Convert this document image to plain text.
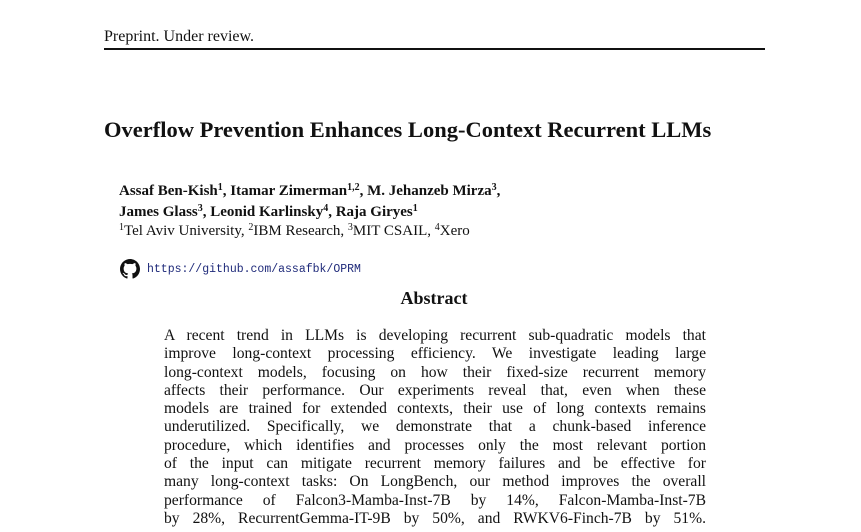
Preprint. Under review.
Overflow Prevention Enhances Long-Context Recurrent LLMs
Assaf Ben-Kish$^1$, Itamar Zimerman$^{1,2}$, M. Jehanzeb Mirza$^3$,
James Glass$^3$, Leonid Karlinsky$^4$, Raja Giryes$^1$
$^1$Tel Aviv University, $^2$IBM Research, $^3$MIT CSAIL, $^4$Xero
https://github.com/assafbk/OPRM
Abstract
A recent trend in LLMs is developing recurrent sub-quadratic models that
improve long-context processing efficiency. We investigate leading large
long-context models, focusing on how their fixed-size recurrent memory
affects their performance. Our experiments reveal that, even when these
models are trained for extended contexts, their use of long contexts remains
underutilized. Specifically, we demonstrate that a chunk-based inference
procedure, which identifies and processes only the most relevant portion
of the input can mitigate recurrent memory failures and be effective for
many long-context tasks: On LongBench, our method improves the overall
performance of Falcon3-Mamba-Inst-7B by 14%, Falcon-Mamba-Inst-7B
by 28%, RecurrentGemma-IT-9B by 50%, and RWKV6-Finch-7B by 51%.
